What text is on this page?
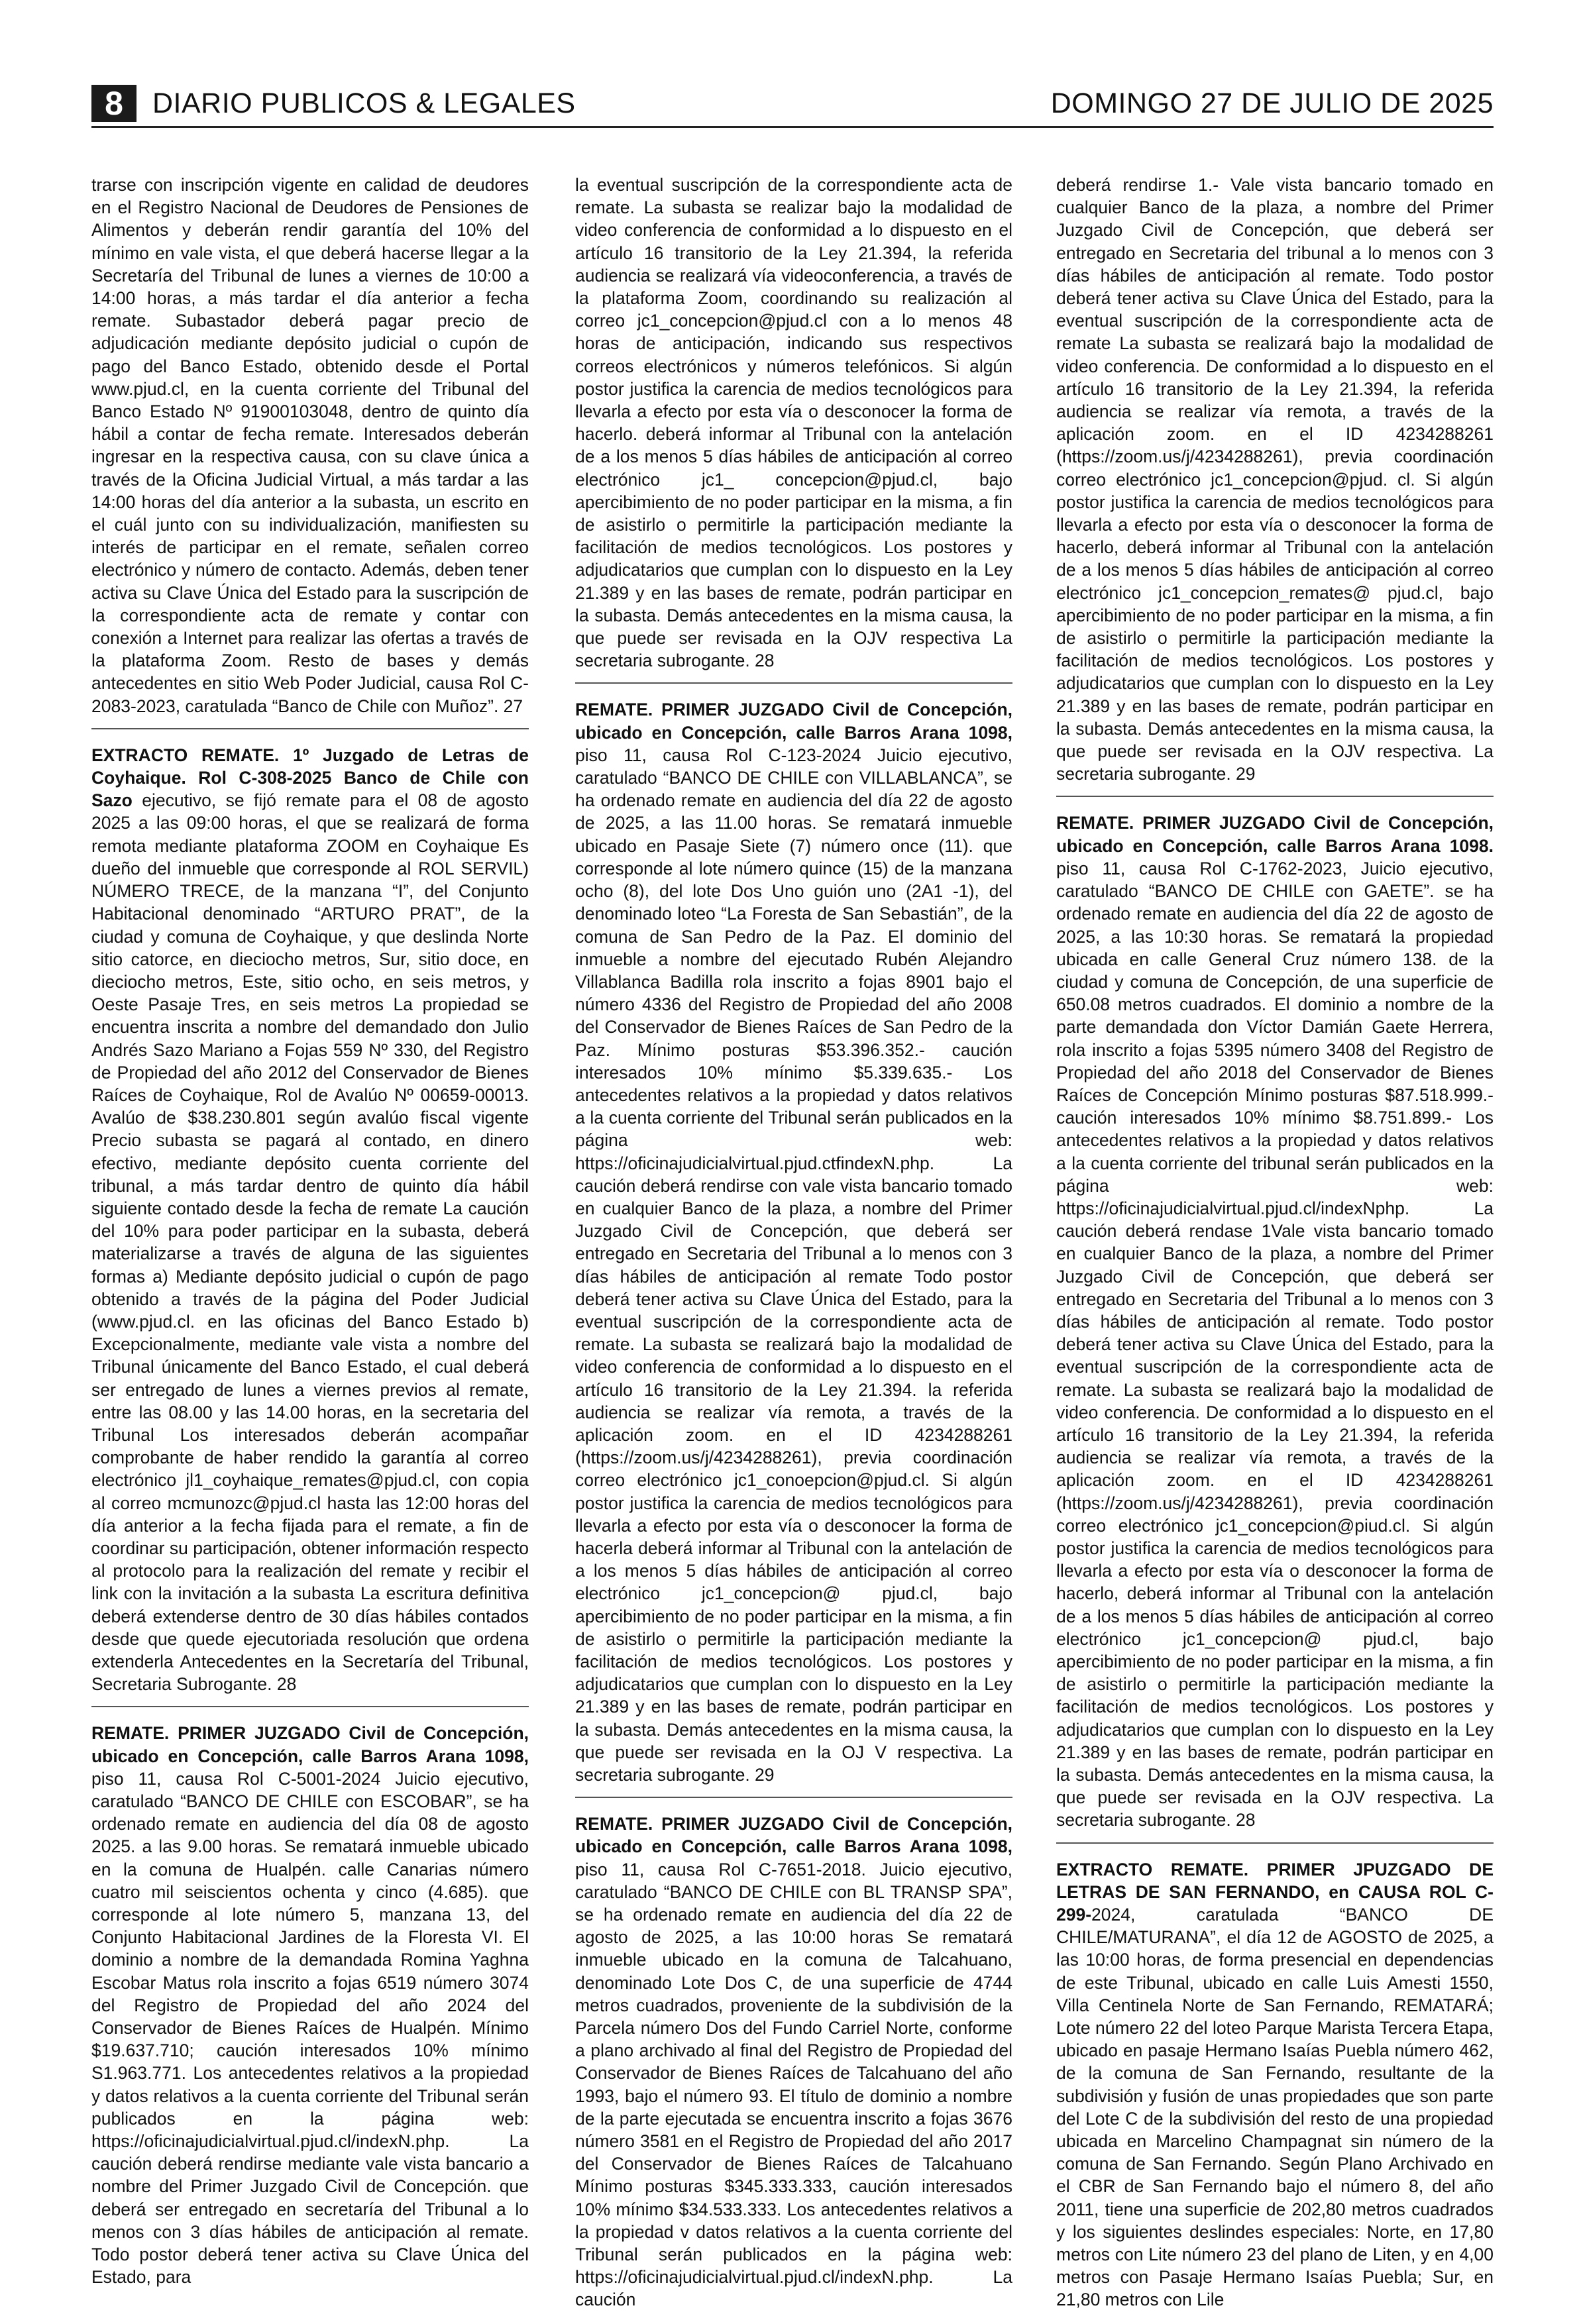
8	DIARIO PUBLICOS & LEGALES	DOMINGO 27 DE JULIO DE 2025

trarse con inscripción vigente en calidad de deudores en el Registro Nacional de Deudores de Pensiones de Alimentos y deberán rendir garantía del 10% del mínimo en vale vista, el que deberá hacerse llegar a la Secretaría del Tribunal de lunes a viernes de 10:00 a 14:00 horas, a más tardar el día anterior a fecha remate. Subastador deberá pagar precio de adjudicación mediante depósito judicial o cupón de pago del Banco Estado, obtenido desde el Portal www.pjud.cl, en la cuenta corriente del Tribunal del Banco Estado Nº 91900103048, dentro de quinto día hábil a contar de fecha remate. Interesados deberán ingresar en la respectiva causa, con su clave única a través de la Oficina Judicial Virtual, a más tardar a las 14:00 horas del día anterior a la subasta, un escrito en el cuál junto con su individualización, manifiesten su interés de participar en el remate, señalen correo electrónico y número de contacto. Además, deben tener activa su Clave Única del Estado para la suscripción de la correspondiente acta de remate y contar con conexión a Internet para realizar las ofertas a través de la plataforma Zoom. Resto de bases y demás antecedentes en sitio Web Poder Judicial, causa Rol C-2083-2023, caratulada “Banco de Chile con Muñoz”. 27

EXTRACTO REMATE. 1º Juzgado de Letras de Coyhaique. Rol C-308-2025 Banco de Chile con Sazo ejecutivo, se fijó remate para el 08 de agosto 2025 a las 09:00 horas, el que se realizará de forma remota mediante plataforma ZOOM en Coyhaique Es dueño del inmueble que corresponde al ROL SERVIL) NÚMERO TRECE, de la manzana “I”, del Conjunto Habitacional denominado “ARTURO PRAT”, de la ciudad y comuna de Coyhaique, y que deslinda Norte sitio catorce, en dieciocho metros, Sur, sitio doce, en dieciocho metros, Este, sitio ocho, en seis metros, y Oeste Pasaje Tres, en seis metros La propiedad se encuentra inscrita a nombre del demandado don Julio Andrés Sazo Mariano a Fojas 559 Nº 330, del Registro de Propiedad del año 2012 del Conservador de Bienes Raíces de Coyhaique, Rol de Avalúo Nº 00659-00013. Avalúo de $38.230.801 según avalúo fiscal vigente Precio subasta se pagará al contado, en dinero efectivo, mediante depósito cuenta corriente del tribunal, a más tardar dentro de quinto día hábil siguiente contado desde la fecha de remate La caución del 10% para poder participar en la subasta, deberá materializarse a través de alguna de las siguientes formas a) Mediante depósito judicial o cupón de pago obtenido a través de la página del Poder Judicial (www.pjud.cl. en las oficinas del Banco Estado b) Excepcionalmente, mediante vale vista a nombre del Tribunal únicamente del Banco Estado, el cual deberá ser entregado de lunes a viernes previos al remate, entre las 08.00 y las 14.00 horas, en la secretaria del Tribunal Los interesados deberán acompañar comprobante de haber rendido la garantía al correo electrónico jl1_coyhaique_remates@pjud.cl, con copia al correo mcmunozc@pjud.cl hasta las 12:00 horas del día anterior a la fecha fijada para el remate, a fin de coordinar su participación, obtener información respecto al protocolo para la realización del remate y recibir el link con la invitación a la subasta La escritura definitiva deberá extenderse dentro de 30 días hábiles contados desde que quede ejecutoriada resolución que ordena extenderla Antecedentes en la Secretaría del Tribunal, Secretaria Subrogante. 28

REMATE. PRIMER JUZGADO Civil de Concepción, ubicado en Concepción, calle Barros Arana 1098, piso 11, causa Rol C-5001-2024 Juicio ejecutivo, caratulado “BANCO DE CHILE con ESCOBAR”, se ha ordenado remate en audiencia del día 08 de agosto 2025. a las 9.00 horas. Se rematará inmueble ubicado en la comuna de Hualpén. calle Canarias número cuatro mil seiscientos ochenta y cinco (4.685). que corresponde al lote número 5, manzana 13, del Conjunto Habitacional Jardines de la Floresta VI. El dominio a nombre de la demandada Romina Yaghna Escobar Matus rola inscrito a fojas 6519 número 3074 del Registro de Propiedad del año 2024 del Conservador de Bienes Raíces de Hualpén. Mínimo $19.637.710; caución interesados 10% mínimo S1.963.771. Los antecedentes relativos a la propiedad y datos relativos a la cuenta corriente del Tribunal serán publicados en la página web: https://oficinajudicialvirtual.pjud.cl/indexN.php. La caución deberá rendirse mediante vale vista bancario a nombre del Primer Juzgado Civil de Concepción. que deberá ser entregado en secretaría del Tribunal a lo menos con 3 días hábiles de anticipación al remate. Todo postor deberá tener activa su Clave Única del Estado, para

la eventual suscripción de la correspondiente acta de remate. La subasta se realizar bajo la modalidad de video conferencia de conformidad a lo dispuesto en el artículo 16 transitorio de la Ley 21.394, la referida audiencia se realizará vía videoconferencia, a través de la plataforma Zoom, coordinando su realización al correo jc1_concepcion@pjud.cl con a lo menos 48 horas de anticipación, indicando sus respectivos correos electrónicos y números telefónicos. Si algún postor justifica la carencia de medios tecnológicos para llevarla a efecto por esta vía o desconocer la forma de hacerlo. deberá informar al Tribunal con la antelación de a los menos 5 días hábiles de anticipación al correo electrónico jc1_ concepcion@pjud.cl, bajo apercibimiento de no poder participar en la misma, a fin de asistirlo o permitirle la participación mediante la facilitación de medios tecnológicos. Los postores y adjudicatarios que cumplan con lo dispuesto en la Ley 21.389 y en las bases de remate, podrán participar en la subasta. Demás antecedentes en la misma causa, la que puede ser revisada en la OJV respectiva La secretaria subrogante. 28

REMATE. PRIMER JUZGADO Civil de Concepción, ubicado en Concepción, calle Barros Arana 1098, piso 11, causa Rol C-123-2024 Juicio ejecutivo, caratulado “BANCO DE CHILE con VILLABLANCA”, se ha ordenado remate en audiencia del día 22 de agosto de 2025, a las 11.00 horas. Se rematará inmueble ubicado en Pasaje Siete (7) número once (11). que corresponde al lote número quince (15) de la manzana ocho (8), del lote Dos Uno guión uno (2A1 -1), del denominado loteo “La Foresta de San Sebastián”, de la comuna de San Pedro de la Paz. El dominio del inmueble a nombre del ejecutado Rubén Alejandro Villablanca Badilla rola inscrito a fojas 8901 bajo el número 4336 del Registro de Propiedad del año 2008 del Conservador de Bienes Raíces de San Pedro de la Paz. Mínimo posturas $53.396.352.- caución interesados 10% mínimo $5.339.635.- Los antecedentes relativos a la propiedad y datos relativos a la cuenta corriente del Tribunal serán publicados en la página web: https://oficinajudicialvirtual.pjud.ctfindexN.php. La caución deberá rendirse con vale vista bancario tomado en cualquier Banco de la plaza, a nombre del Primer Juzgado Civil de Concepción, que deberá ser entregado en Secretaria del Tribunal a lo menos con 3 días hábiles de anticipación al remate Todo postor deberá tener activa su Clave Única del Estado, para la eventual suscripción de la correspondiente acta de remate. La subasta se realizará bajo la modalidad de video conferencia de conformidad a lo dispuesto en el artículo 16 transitorio de la Ley 21.394. la referida audiencia se realizar vía remota, a través de la aplicación zoom. en el ID 4234288261 (https://zoom.us/j/4234288261), previa coordinación correo electrónico jc1_conoepcion@pjud.cl. Si algún postor justifica la carencia de medios tecnológicos para llevarla a efecto por esta vía o desconocer la forma de hacerla deberá informar al Tribunal con la antelación de a los menos 5 días hábiles de anticipación al correo electrónico jc1_concepcion@ pjud.cl, bajo apercibimiento de no poder participar en la misma, a fin de asistirlo o permitirle la participación mediante la facilitación de medios tecnológicos. Los postores y adjudicatarios que cumplan con lo dispuesto en la Ley 21.389 y en las bases de remate, podrán participar en la subasta. Demás antecedentes en la misma causa, la que puede ser revisada en la OJ V respectiva. La secretaria subrogante. 29

REMATE. PRIMER JUZGADO Civil de Concepción, ubicado en Concepción, calle Barros Arana 1098, piso 11, causa Rol C-7651-2018. Juicio ejecutivo, caratulado “BANCO DE CHILE con BL TRANSP SPA”, se ha ordenado remate en audiencia del día 22 de agosto de 2025, a las 10:00 horas Se rematará inmueble ubicado en la comuna de Talcahuano, denominado Lote Dos C, de una superficie de 4744 metros cuadrados, proveniente de la subdivisión de la Parcela número Dos del Fundo Carriel Norte, conforme a plano archivado al final del Registro de Propiedad del Conservador de Bienes Raíces de Talcahuano del año 1993, bajo el número 93. El título de dominio a nombre de la parte ejecutada se encuentra inscrito a fojas 3676 número 3581 en el Registro de Propiedad del año 2017 del Conservador de Bienes Raíces de Talcahuano Mínimo posturas $345.333.333, caución interesados 10% mínimo $34.533.333. Los antecedentes relativos a la propiedad v datos relativos a la cuenta corriente del Tribunal serán publicados en la página web: https://oficinajudicialvirtual.pjud.cl/indexN.php. La caución

deberá rendirse 1.- Vale vista bancario tomado en cualquier Banco de la plaza, a nombre del Primer Juzgado Civil de Concepción, que deberá ser entregado en Secretaria del tribunal a lo menos con 3 días hábiles de anticipación al remate. Todo postor deberá tener activa su Clave Única del Estado, para la eventual suscripción de la correspondiente acta de remate La subasta se realizará bajo la modalidad de video conferencia. De conformidad a lo dispuesto en el artículo 16 transitorio de la Ley 21.394, la referida audiencia se realizar vía remota, a través de la aplicación zoom. en el ID 4234288261 (https://zoom.us/j/4234288261), previa coordinación correo electrónico jc1_concepcion@pjud. cl. Si algún postor justifica la carencia de medios tecnológicos para llevarla a efecto por esta vía o desconocer la forma de hacerlo, deberá informar al Tribunal con la antelación de a los menos 5 días hábiles de anticipación al correo electrónico jc1_concepcion_remates@ pjud.cl, bajo apercibimiento de no poder participar en la misma, a fin de asistirlo o permitirle la participación mediante la facilitación de medios tecnológicos. Los postores y adjudicatarios que cumplan con lo dispuesto en la Ley 21.389 y en las bases de remate, podrán participar en la subasta. Demás antecedentes en la misma causa, la que puede ser revisada en la OJV respectiva. La secretaria subrogante. 29

REMATE. PRIMER JUZGADO Civil de Concepción, ubicado en Concepción, calle Barros Arana 1098. piso 11, causa Rol C-1762-2023, Juicio ejecutivo, caratulado “BANCO DE CHILE con GAETE”. se ha ordenado remate en audiencia del día 22 de agosto de 2025, a las 10:30 horas. Se rematará la propiedad ubicada en calle General Cruz número 138. de la ciudad y comuna de Concepción, de una superficie de 650.08 metros cuadrados. El dominio a nombre de la parte demandada don Víctor Damián Gaete Herrera, rola inscrito a fojas 5395 número 3408 del Registro de Propiedad del año 2018 del Conservador de Bienes Raíces de Concepción Mínimo posturas $87.518.999.- caución interesados 10% mínimo $8.751.899.- Los antecedentes relativos a la propiedad y datos relativos a la cuenta corriente del tribunal serán publicados en la página web: https://oficinajudicialvirtual.pjud.cl/indexNphp. La caución deberá rendase 1Vale vista bancario tomado en cualquier Banco de la plaza, a nombre del Primer Juzgado Civil de Concepción, que deberá ser entregado en Secretaria del Tribunal a lo menos con 3 días hábiles de anticipación al remate. Todo postor deberá tener activa su Clave Única del Estado, para la eventual suscripción de la correspondiente acta de remate. La subasta se realizará bajo la modalidad de video conferencia. De conformidad a lo dispuesto en el artículo 16 transitorio de la Ley 21.394, la referida audiencia se realizar vía remota, a través de la aplicación zoom. en el ID 4234288261 (https://zoom.us/j/4234288261), previa coordinación correo electrónico jc1_concepcion@piud.cl. Si algún postor justifica la carencia de medios tecnológicos para llevarla a efecto por esta vía o desconocer la forma de hacerlo, deberá informar al Tribunal con la antelación de a los menos 5 días hábiles de anticipación al correo electrónico jc1_concepcion@ pjud.cl, bajo apercibimiento de no poder participar en la misma, a fin de asistirlo o permitirle la participación mediante la facilitación de medios tecnológicos. Los postores y adjudicatarios que cumplan con lo dispuesto en la Ley 21.389 y en las bases de remate, podrán participar en la subasta. Demás antecedentes en la misma causa, la que puede ser revisada en la OJV respectiva. La secretaria subrogante. 28

EXTRACTO REMATE. PRIMER JPUZGADO DE LETRAS DE SAN FERNANDO, en CAUSA ROL C-299-2024, caratulada “BANCO DE CHILE/MATURANA”, el día 12 de AGOSTO de 2025, a las 10:00 horas, de forma presencial en dependencias de este Tribunal, ubicado en calle Luis Amesti 1550, Villa Centinela Norte de San Fernando, REMATARÁ; Lote número 22 del loteo Parque Marista Tercera Etapa, ubicado en pasaje Hermano Isaías Puebla número 462, de la comuna de San Fernando, resultante de la subdivisión y fusión de unas propiedades que son parte del Lote C de la subdivisión del resto de una propiedad ubicada en Marcelino Champagnat sin número de la comuna de San Fernando. Según Plano Archivado en el CBR de San Fernando bajo el número 8, del año 2011, tiene una superficie de 202,80 metros cuadrados y los siguientes deslindes especiales: Norte, en 17,80 metros con Lite número 23 del plano de Liten, y en 4,00 metros con Pasaje Hermano Isaías Puebla; Sur, en 21,80 metros con Lile
